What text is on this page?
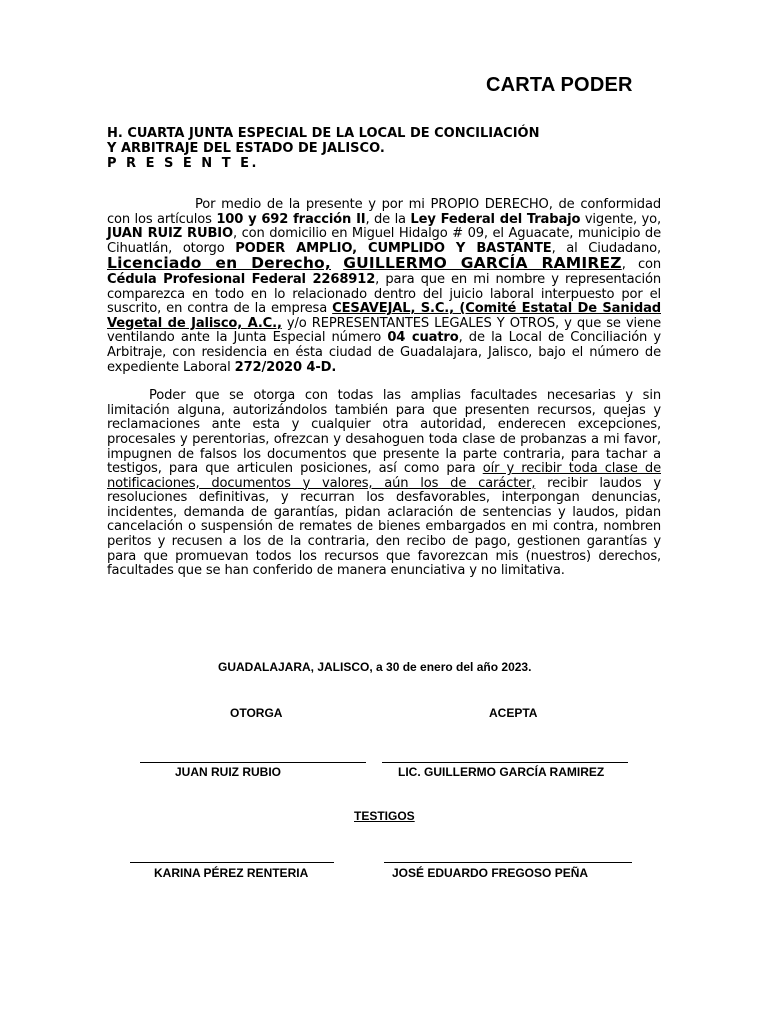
CARTA PODER
H. CUARTA JUNTA ESPECIAL DE LA LOCAL DE CONCILIACIÓN
Y ARBITRAJE DEL ESTADO DE JALISCO.
P R E S E N T E.

Por medio de la presente y por mi PROPIO DERECHO, de conformidad con los artículos 100 y 692 fracción II, de la Ley Federal del Trabajo vigente, yo, JUAN RUIZ RUBIO, con domicilio en Miguel Hidalgo # 09, el Aguacate, municipio de Cihuatlán, otorgo PODER AMPLIO, CUMPLIDO Y BASTANTE, al Ciudadano, Licenciado en Derecho, GUILLERMO GARCÍA RAMIREZ, con Cédula Profesional Federal 2268912, para que en mi nombre y representación comparezca en todo en lo relacionado dentro del juicio laboral interpuesto por el suscrito, en contra de la empresa CESAVEJAL, S.C., (Comité Estatal De Sanidad Vegetal de Jalisco, A.C., y/o REPRESENTANTES LEGALES Y OTROS, y que se viene ventilando ante la Junta Especial número 04 cuatro, de la Local de Conciliación y Arbitraje, con residencia en ésta ciudad de Guadalajara, Jalisco, bajo el número de expediente Laboral 272/2020 4-D.

Poder que se otorga con todas las amplias facultades necesarias y sin limitación alguna, autorizándolos también para que presenten recursos, quejas y reclamaciones ante esta y cualquier otra autoridad, enderecen excepciones, procesales y perentorias, ofrezcan y desahoguen toda clase de probanzas a mi favor, impugnen de falsos los documentos que presente la parte contraria, para tachar a testigos, para que articulen posiciones, así como para oír y recibir toda clase de notificaciones, documentos y valores, aún los de carácter, recibir laudos y resoluciones definitivas, y recurran los desfavorables, interpongan denuncias, incidentes, demanda de garantías, pidan aclaración de sentencias y laudos, pidan cancelación o suspensión de remates de bienes embargados en mi contra, nombren peritos y recusen a los de la contraria, den recibo de pago, gestionen garantías y para que promuevan todos los recursos que favorezcan mis (nuestros) derechos, facultades que se han conferido de manera enunciativa y no limitativa.

GUADALAJARA, JALISCO, a 30 de enero del año 2023.
OTORGA	ACEPTA
JUAN RUIZ RUBIO	LIC. GUILLERMO GARCÍA RAMIREZ
TESTIGOS
KARINA PÉREZ RENTERIA	JOSÉ EDUARDO FREGOSO PEÑA
